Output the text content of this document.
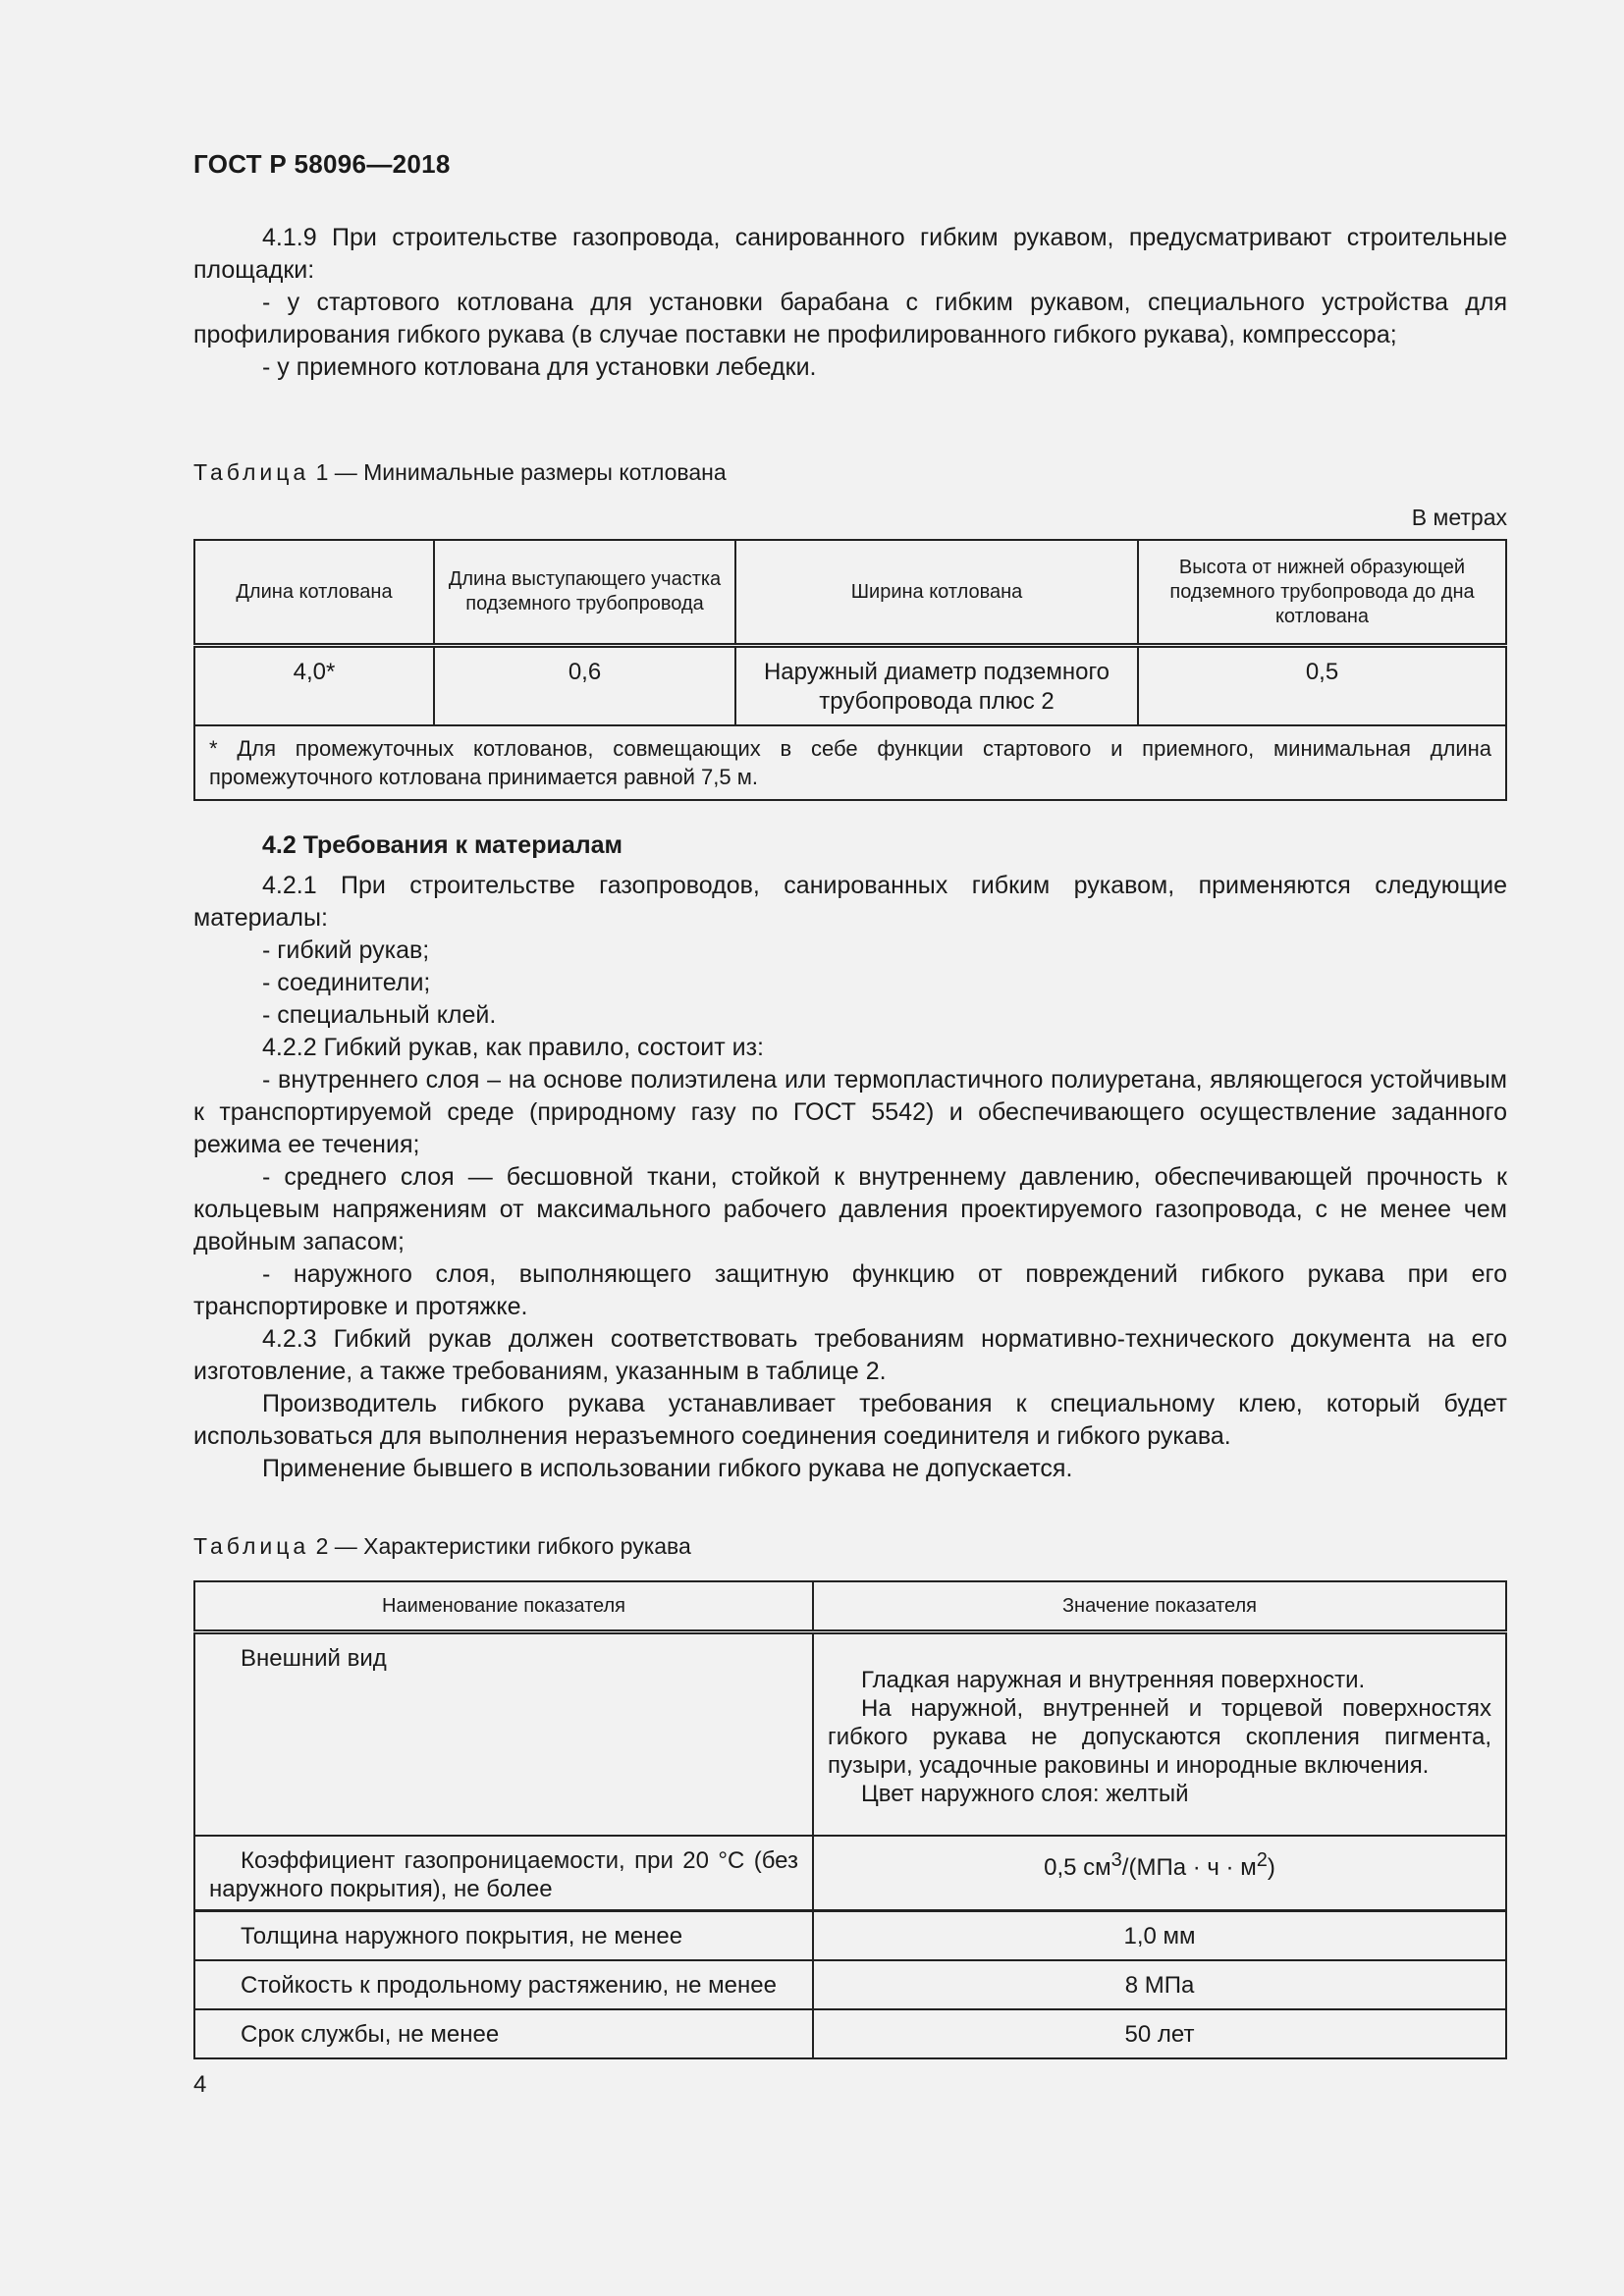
ГОСТ Р 58096—2018

4.1.9 При строительстве газопровода, санированного гибким рукавом, предусматривают строительные площадки:

- у стартового котлована для установки барабана с гибким рукавом, специального устройства для профилирования гибкого рукава (в случае поставки не профилированного гибкого рукава), компрессора;

- у приемного котлована для установки лебедки.

Таблица 1 — Минимальные размеры котлована
В метрах
Длина котлована	Длина выступающего участка подземного трубопровода	Ширина котлована	Высота от нижней образующей подземного трубопровода до дна котлована
4,0*	0,6	Наружный диаметр подземного трубопровода плюс 2	0,5
* Для промежуточных котлованов, совмещающих в себе функции стартового и приемного, минимальная длина промежуточного котлована принимается равной 7,5 м.			

4.2 Требования к материалам

4.2.1 При строительстве газопроводов, санированных гибким рукавом, применяются следующие материалы:

- гибкий рукав;

- соединители;

- специальный клей.

4.2.2 Гибкий рукав, как правило, состоит из:

- внутреннего слоя – на основе полиэтилена или термопластичного полиуретана, являющегося устойчивым к транспортируемой среде (природному газу по ГОСТ 5542) и обеспечивающего осуществление заданного режима ее течения;

- среднего слоя — бесшовной ткани, стойкой к внутреннему давлению, обеспечивающей прочность к кольцевым напряжениям от максимального рабочего давления проектируемого газопровода, с не менее чем двойным запасом;

- наружного слоя, выполняющего защитную функцию от повреждений гибкого рукава при его транспортировке и протяжке.

4.2.3 Гибкий рукав должен соответствовать требованиям нормативно-технического документа на его изготовление, а также требованиям, указанным в таблице 2.

Производитель гибкого рукава устанавливает требования к специальному клею, который будет использоваться для выполнения неразъемного соединения соединителя и гибкого рукава.

Применение бывшего в использовании гибкого рукава не допускается.

Таблица 2 — Характеристики гибкого рукава
Наименование показателя	Значение показателя
Внешний вид	Гладкая наружная и внутренняя поверхности.
На наружной, внутренней и торцевой поверхностях гибкого рукава не допускаются скопления пигмента, пузыри, усадочные раковины и инородные включения.
Цвет наружного слоя: желтый

Коэффициент газопроницаемости, при 20 °С (без наружного покрытия), не более	0,5 $см^3/(МПа \cdot ч \cdot м^2)$
Толщина наружного покрытия, не менее	1,0 мм
Стойкость к продольному растяжению, не менее	8 МПа
Срок службы, не менее	50 лет
4
